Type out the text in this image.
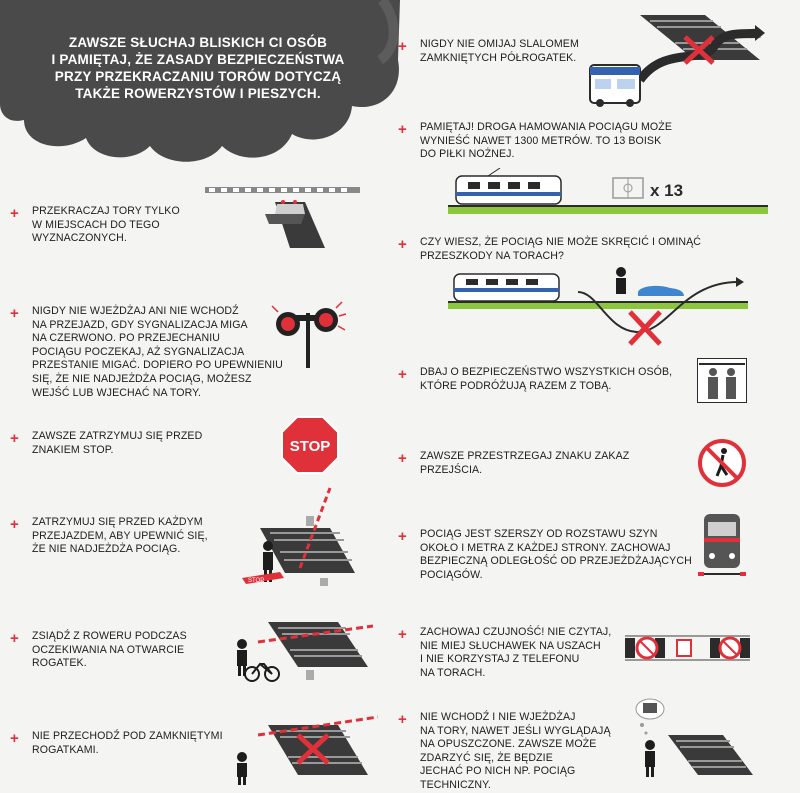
ZAWSZE SŁUCHAJ BLISKICH CI OSÓB
I PAMIĘTAJ, ŻE ZASADY BEZPIECZEŃSTWA
PRZY PRZEKRACZANIU TORÓW DOTYCZĄ
TAKŻE ROWERZYSTÓW I PIESZYCH.
+ PRZEKRACZAJ TORY TYLKO
W MIEJSCACH DO TEGO
WYZNACZONYCH.
+ NIGDY NIE WJEŻDŻAJ ANI NIE WCHODŹ
NA PRZEJAZD, GDY SYGNALIZACJA MIGA
NA CZERWONO. PO PRZEJECHANIU
POCIĄGU POCZEKAJ, AŻ SYGNALIZACJA
PRZESTANIE MIGAĆ. DOPIERO PO UPEWNIENIU
SIĘ, ŻE NIE NADJEŻDŻA POCIĄG, MOŻESZ
WEJŚĆ LUB WJECHAĆ NA TORY.
+ ZAWSZE ZATRZYMUJ SIĘ PRZED
ZNAKIEM STOP.
+ ZATRZYMUJ SIĘ PRZED KAŻDYM
PRZEJAZDEM, ABY UPEWNIĆ SIĘ,
ŻE NIE NADJEŻDŻA POCIĄG.
+ ZSIĄDŹ Z ROWERU PODCZAS
OCZEKIWANIA NA OTWARCIE
ROGATEK.
+ NIE PRZECHODŹ POD ZAMKNIĘTYMI
ROGATKAMI.
+ NIGDY NIE OMIJAJ SLALOMEM
ZAMKNIĘTYCH PÓŁROGATEK.
+ PAMIĘTAJ! DROGA HAMOWANIA POCIĄGU MOŻE
WYNIEŚĆ NAWET 1300 METRÓW. TO 13 BOISK
DO PIŁKI NOŻNEJ.
+ CZY WIESZ, ŻE POCIĄG NIE MOŻE SKRĘCIĆ I OMINĄĆ
PRZESZKODY NA TORACH?
+ DBAJ O BEZPIECZEŃSTWO WSZYSTKICH OSÓB,
KTÓRE PODRÓŻUJĄ RAZEM Z TOBĄ.
+ ZAWSZE PRZESTRZEGAJ ZNAKU ZAKAZ
PRZEJŚCIA.
+ POCIĄG JEST SZERSZY OD ROZSTAWU SZYN
OKOŁO I METRA Z KAŻDEJ STRONY. ZACHOWAJ
BEZPIECZNĄ ODLEGŁOŚĆ OD PRZEJEŻDŻAJĄCYCH
POCIĄGÓW.
+ ZACHOWAJ CZUJNOŚĆ! NIE CZYTAJ,
NIE MIEJ SŁUCHAWEK NA USZACH
I NIE KORZYSTAJ Z TELEFONU
NA TORACH.
+ NIE WCHODŹ I NIE WJEŻDŻAJ
NA TORY, NAWET JEŚLI WYGLĄDAJĄ
NA OPUSZCZONE. ZAWSZE MOŻE
ZDARZYĆ SIĘ, ŻE BĘDZIE
JECHAĆ PO NICH NP. POCIĄG
TECHNICZNY.
STOP
STOP
x 13
